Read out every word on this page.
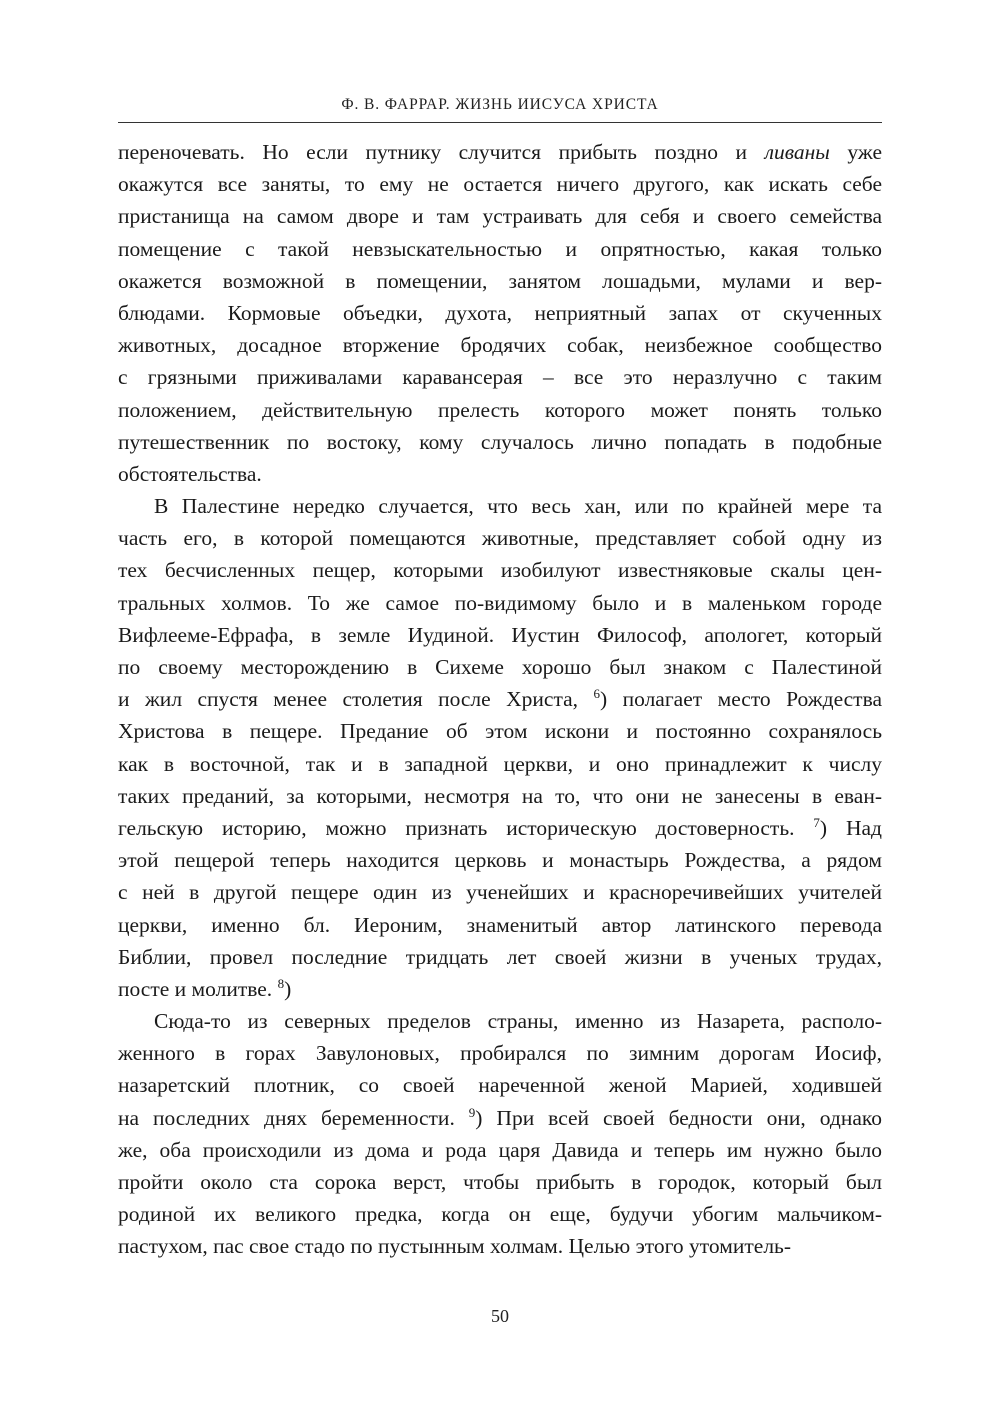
Ф. В. ФАРРАР. ЖИЗНЬ ИИСУСА ХРИСТА
переночевать. Но если путнику случится прибыть поздно и ливаны уже
окажутся все заняты, то ему не остается ничего другого, как искать себе
пристанища на самом дворе и там устраивать для себя и своего семейства
помещение с такой невзыскательностью и опрятностью, какая только
окажется возможной в помещении, занятом лошадьми, мулами и вер-
блюдами. Кормовые объедки, духота, неприятный запах от скученных
животных, досадное вторжение бродячих собак, неизбежное сообщество
с грязными приживалами каравансерая – все это неразлучно с таким
положением, действительную прелесть которого может понять только
путешественник по востоку, кому случалось лично попадать в подобные
обстоятельства.
В Палестине нередко случается, что весь хан, или по крайней мере та
часть его, в которой помещаются животные, представляет собой одну из
тех бесчисленных пещер, которыми изобилуют известняковые скалы цен-
тральных холмов. То же самое по-видимому было и в маленьком городе
Вифлееме-Ефрафа, в земле Иудиной. Иустин Философ, апологет, который
по своему месторождению в Сихеме хорошо был знаком с Палестиной
и жил спустя менее столетия после Христа, $^6$) полагает место Рождества
Христова в пещере. Предание об этом искони и постоянно сохранялось
как в восточной, так и в западной церкви, и оно принадлежит к числу
таких преданий, за которыми, несмотря на то, что они не занесены в еван-
гельскую историю, можно признать историческую достоверность. $^7$) Над
этой пещерой теперь находится церковь и монастырь Рождества, а рядом
с ней в другой пещере один из ученейших и красноречивейших учителей
церкви, именно бл. Иероним, знаменитый автор латинского перевода
Библии, провел последние тридцать лет своей жизни в ученых трудах,
посте и молитве. $^8$)
Сюда-то из северных пределов страны, именно из Назарета, располо-
женного в горах Завулоновых, пробирался по зимним дорогам Иосиф,
назаретский плотник, со своей нареченной женой Марией, ходившей
на последних днях беременности. $^9$) При всей своей бедности они, однако
же, оба происходили из дома и рода царя Давида и теперь им нужно было
пройти около ста сорока верст, чтобы прибыть в городок, который был
родиной их великого предка, когда он еще, будучи убогим мальчиком-
пастухом, пас свое стадо по пустынным холмам. Целью этого утомитель-
50
